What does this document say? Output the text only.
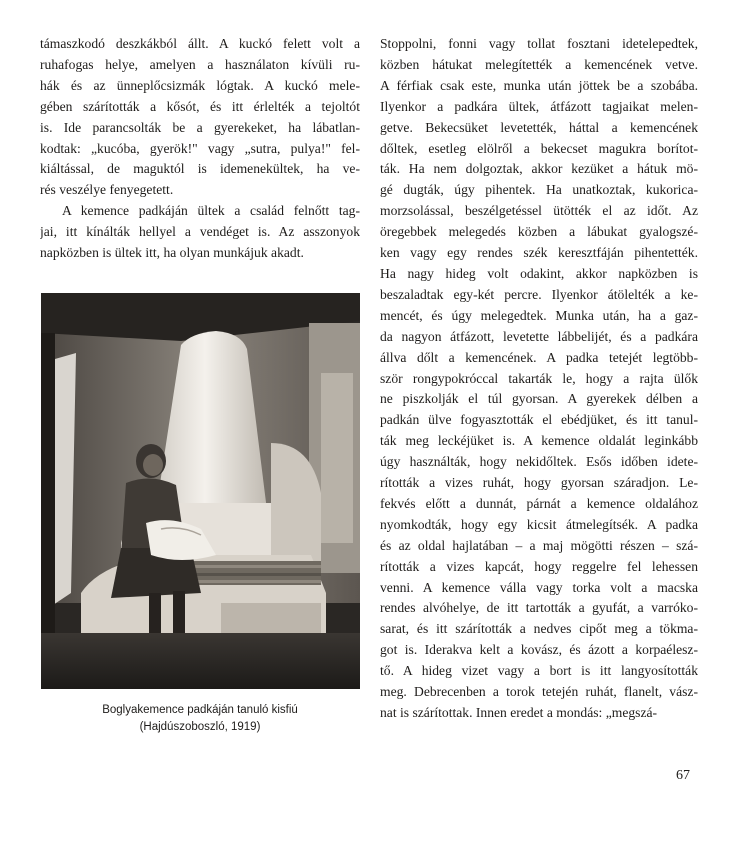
támaszkodó deszkákból állt. A kuckó felett volt a
ruhafogas helye, amelyen a használaton kívüli ru-
hák és az ünneplőcsizmák lógtak. A kuckó mele-
gében szárították a kősót, és itt érlelték a tejoltót
is. Ide parancsolták be a gyerekeket, ha lábatlan-
kodtak: „kucóba, gyerök!" vagy „sutra, pulya!" fel-
kiáltással, de maguktól is idemenekültek, ha ve-
rés veszélye fenyegetett.

A kemence padkáján ültek a család felnőtt tag-
jai, itt kínálták hellyel a vendéget is. Az asszonyok
napközben is ültek itt, ha olyan munkájuk akadt.

Boglyakemence padkáján tanuló kisfiú
(Hajdúszoboszló, 1919)
Stoppolni, fonni vagy tollat fosztani idetelepedtek,
közben hátukat melegítették a kemencének vetve.
A férfiak csak este, munka után jöttek be a szobába.
Ilyenkor a padkára ültek, átfázott tagjaikat melen-
getve. Bekecsüket levetették, háttal a kemencének
dőltek, esetleg elölről a bekecset magukra borítot-
ták. Ha nem dolgoztak, akkor kezüket a hátuk mö-
gé dugták, úgy pihentek. Ha unatkoztak, kukorica-
morzsolással, beszélgetéssel ütötték el az időt. Az
öregebbek melegedés közben a lábukat gyalogszé-
ken vagy egy rendes szék keresztfáján pihentették.
Ha nagy hideg volt odakint, akkor napközben is
beszaladtak egy-két percre. Ilyenkor átölelték a ke-
mencét, és úgy melegedtek. Munka után, ha a gaz-
da nagyon átfázott, levetette lábbelijét, és a padkára
állva dőlt a kemencének. A padka tetejét legtöbb-
ször rongypokróccal takarták le, hogy a rajta ülők
ne piszkolják el túl gyorsan. A gyerekek délben a
padkán ülve fogyasztották el ebédjüket, és itt tanul-
ták meg leckéjüket is. A kemence oldalát leginkább
úgy használták, hogy nekidőltek. Esős időben idete-
rították a vizes ruhát, hogy gyorsan száradjon. Le-
fekvés előtt a dunnát, párnát a kemence oldalához
nyomkodták, hogy egy kicsit átmelegítsék. A padka
és az oldal hajlatában – a maj mögötti részen – szá-
rították a vizes kapcát, hogy reggelre fel lehessen
venni. A kemence válla vagy torka volt a macska
rendes alvóhelye, de itt tartották a gyufát, a varróko-
sarat, és itt szárították a nedves cipőt meg a tökma-
got is. Iderakva kelt a kovász, és ázott a korpaélesz-
tő. A hideg vizet vagy a bort is itt langyosították
meg. Debrecenben a torok tetején ruhát, flanelt, vász-
nat is szárítottak. Innen eredet a mondás: „megszá-
67
